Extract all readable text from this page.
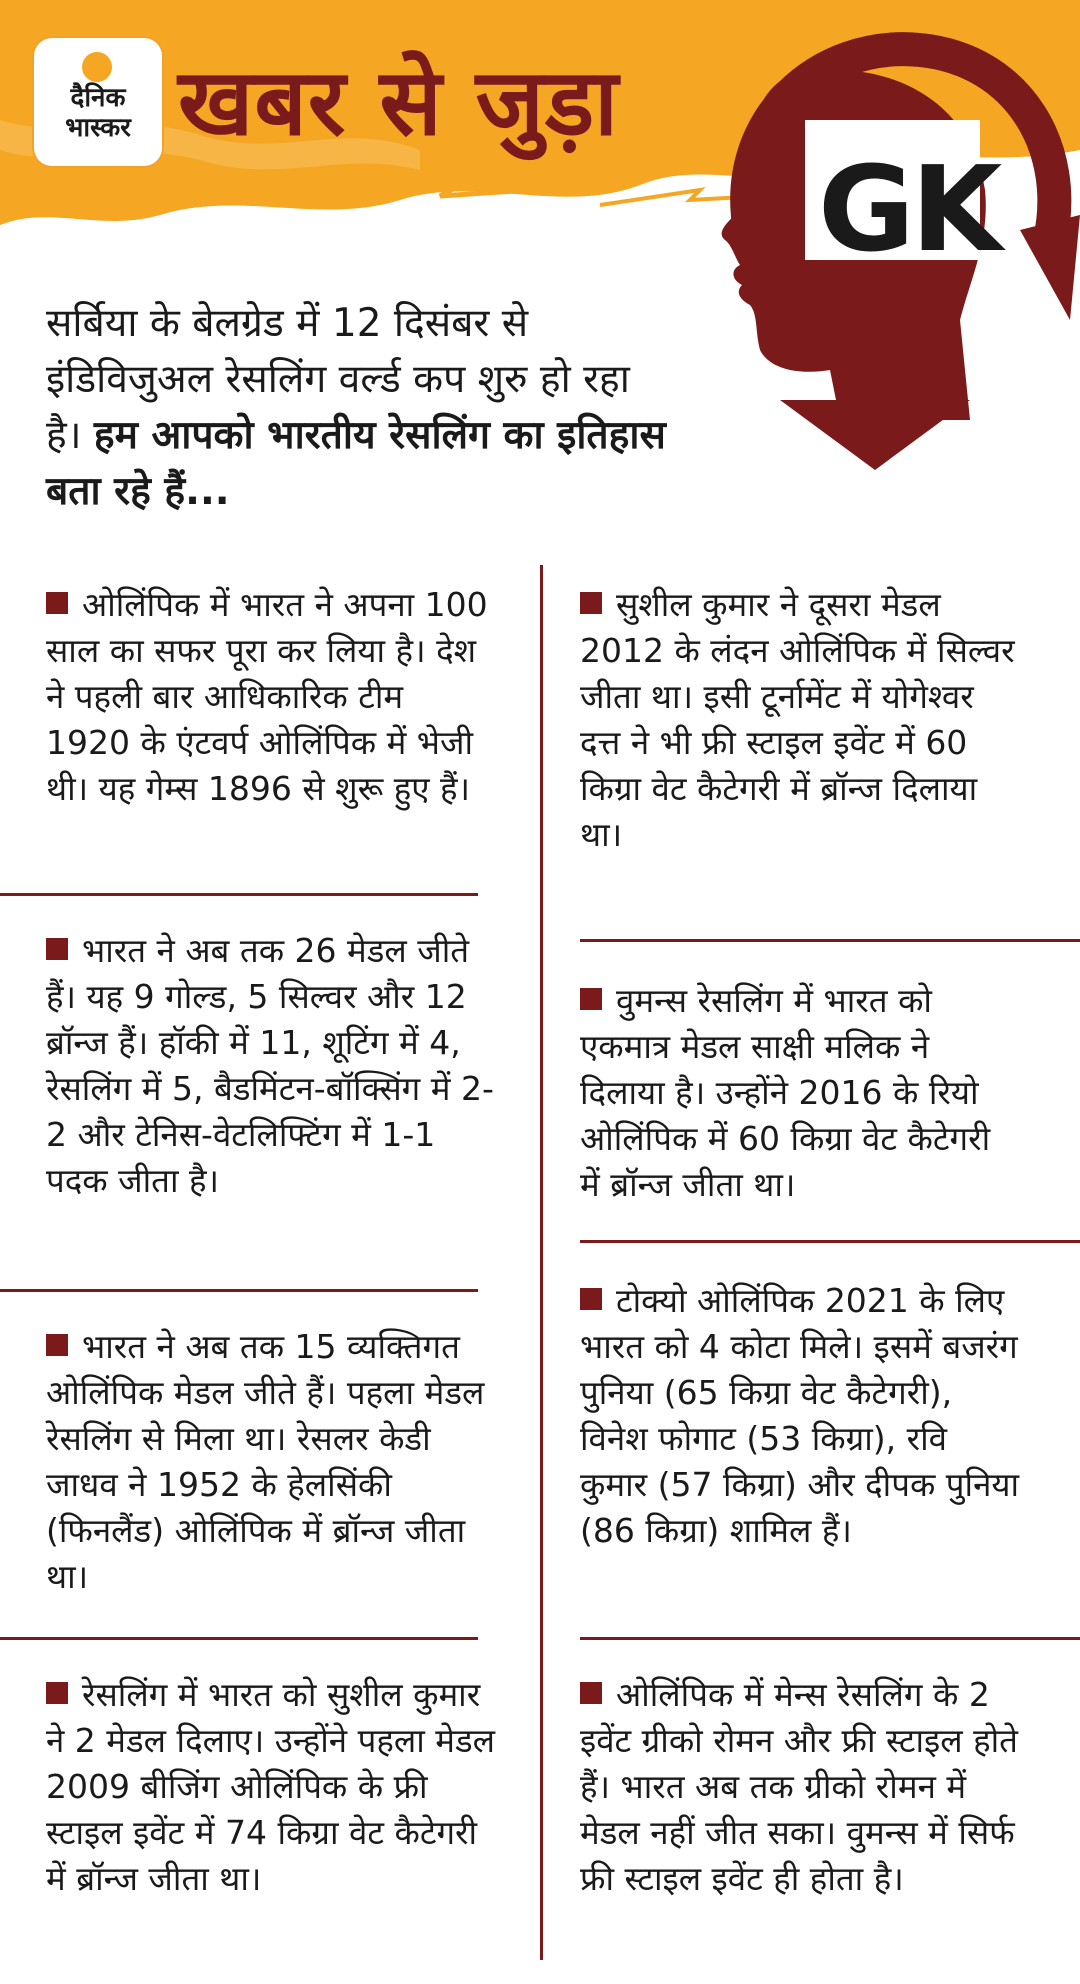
दैनिक
भास्कर खबर से जुड़ा
GK
सर्बिया के बेलग्रेड में 12 दिसंबर से इंडिविजुअल रेसलिंग वर्ल्ड कप शुरु हो रहा है। हम आपको भारतीय रेसलिंग का इतिहास बता रहे हैं...
ओलिंपिक में भारत ने अपना 100 साल का सफर पूरा कर लिया है। देश ने पहली बार आधिकारिक टीम 1920 के एंटवर्प ओलिंपिक में भेजी थी। यह गेम्स 1896 से शुरू हुए हैं।
भारत ने अब तक 26 मेडल जीते हैं। यह 9 गोल्ड, 5 सिल्वर और 12 ब्रॉन्ज हैं। हॉकी में 11, शूटिंग में 4, रेसलिंग में 5, बैडमिंटन-बॉक्सिंग में 2-2 और टेनिस-वेटलिफ्टिंग में 1-1 पदक जीता है।
भारत ने अब तक 15 व्यक्तिगत ओलिंपिक मेडल जीते हैं। पहला मेडल रेसलिंग से मिला था। रेसलर केडी जाधव ने 1952 के हेलसिंकी (फिनलैंड) ओलिंपिक में ब्रॉन्ज जीता था।
रेसलिंग में भारत को सुशील कुमार ने 2 मेडल दिलाए। उन्होंने पहला मेडल 2009 बीजिंग ओलिंपिक के फ्री स्टाइल इवेंट में 74 किग्रा वेट कैटेगरी में ब्रॉन्ज जीता था।
सुशील कुमार ने दूसरा मेडल 2012 के लंदन ओलिंपिक में सिल्वर जीता था। इसी टूर्नामेंट में योगेश्वर दत्त ने भी फ्री स्टाइल इवेंट में 60 किग्रा वेट कैटेगरी में ब्रॉन्ज दिलाया था।
वुमन्स रेसलिंग में भारत को एकमात्र मेडल साक्षी मलिक ने दिलाया है। उन्होंने 2016 के रियो ओलिंपिक में 60 किग्रा वेट कैटेगरी में ब्रॉन्ज जीता था।
टोक्यो ओलिंपिक 2021 के लिए भारत को 4 कोटा मिले। इसमें बजरंग पुनिया (65 किग्रा वेट कैटेगरी), विनेश फोगाट (53 किग्रा), रवि कुमार (57 किग्रा) और दीपक पुनिया (86 किग्रा) शामिल हैं।
ओलिंपिक में मेन्स रेसलिंग के 2 इवेंट ग्रीको रोमन और फ्री स्टाइल होते हैं। भारत अब तक ग्रीको रोमन में मेडल नहीं जीत सका। वुमन्स में सिर्फ फ्री स्टाइल इवेंट ही होता है।
